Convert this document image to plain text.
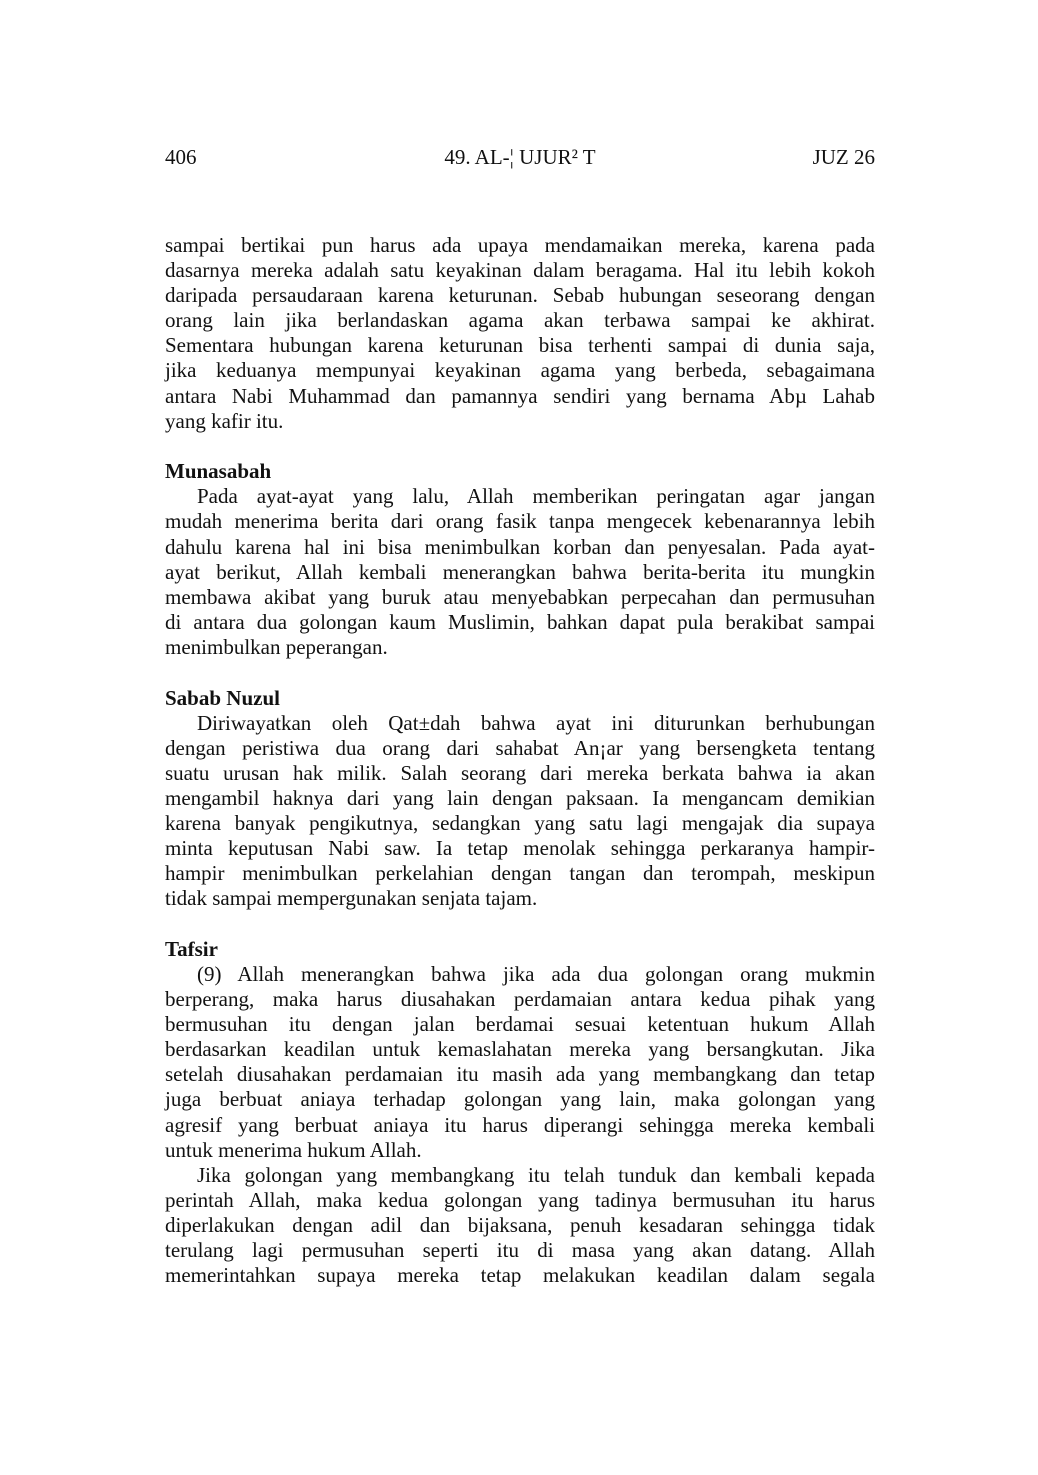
406	49. AL-¦ UJUR² T	JUZ 26
sampai bertikai pun harus ada upaya mendamaikan mereka, karena pada
dasarnya mereka adalah satu keyakinan dalam beragama. Hal itu lebih kokoh
daripada persaudaraan karena keturunan. Sebab hubungan seseorang dengan
orang lain jika berlandaskan agama akan terbawa sampai ke akhirat.
Sementara hubungan karena keturunan bisa terhenti sampai di dunia saja,
jika keduanya mempunyai keyakinan agama yang berbeda, sebagaimana
antara Nabi Muhammad dan pamannya sendiri yang bernama Abµ Lahab
yang kafir itu.
Munasabah
Pada ayat-ayat yang lalu, Allah memberikan peringatan agar jangan
mudah menerima berita dari orang fasik tanpa mengecek kebenarannya lebih
dahulu karena hal ini bisa menimbulkan korban dan penyesalan. Pada ayat-
ayat berikut, Allah kembali menerangkan bahwa berita-berita itu mungkin
membawa akibat yang buruk atau menyebabkan perpecahan dan permusuhan
di antara dua golongan kaum Muslimin, bahkan dapat pula berakibat sampai
menimbulkan peperangan.
Sabab Nuzul
Diriwayatkan oleh Qat±dah bahwa ayat ini diturunkan berhubungan
dengan peristiwa dua orang dari sahabat An¡ar yang bersengketa tentang
suatu urusan hak milik. Salah seorang dari mereka berkata bahwa ia akan
mengambil haknya dari yang lain dengan paksaan. Ia mengancam demikian
karena banyak pengikutnya, sedangkan yang satu lagi mengajak dia supaya
minta keputusan Nabi saw. Ia tetap menolak sehingga perkaranya hampir-
hampir menimbulkan perkelahian dengan tangan dan terompah, meskipun
tidak sampai mempergunakan senjata tajam.
Tafsir
(9) Allah menerangkan bahwa jika ada dua golongan orang mukmin
berperang, maka harus diusahakan perdamaian antara kedua pihak yang
bermusuhan itu dengan jalan berdamai sesuai ketentuan hukum Allah
berdasarkan keadilan untuk kemaslahatan mereka yang bersangkutan. Jika
setelah diusahakan perdamaian itu masih ada yang membangkang dan tetap
juga berbuat aniaya terhadap golongan yang lain, maka golongan yang
agresif yang berbuat aniaya itu harus diperangi sehingga mereka kembali
untuk menerima hukum Allah.
Jika golongan yang membangkang itu telah tunduk dan kembali kepada
perintah Allah, maka kedua golongan yang tadinya bermusuhan itu harus
diperlakukan dengan adil dan bijaksana, penuh kesadaran sehingga tidak
terulang lagi permusuhan seperti itu di masa yang akan datang. Allah
memerintahkan supaya mereka tetap melakukan keadilan dalam segala
